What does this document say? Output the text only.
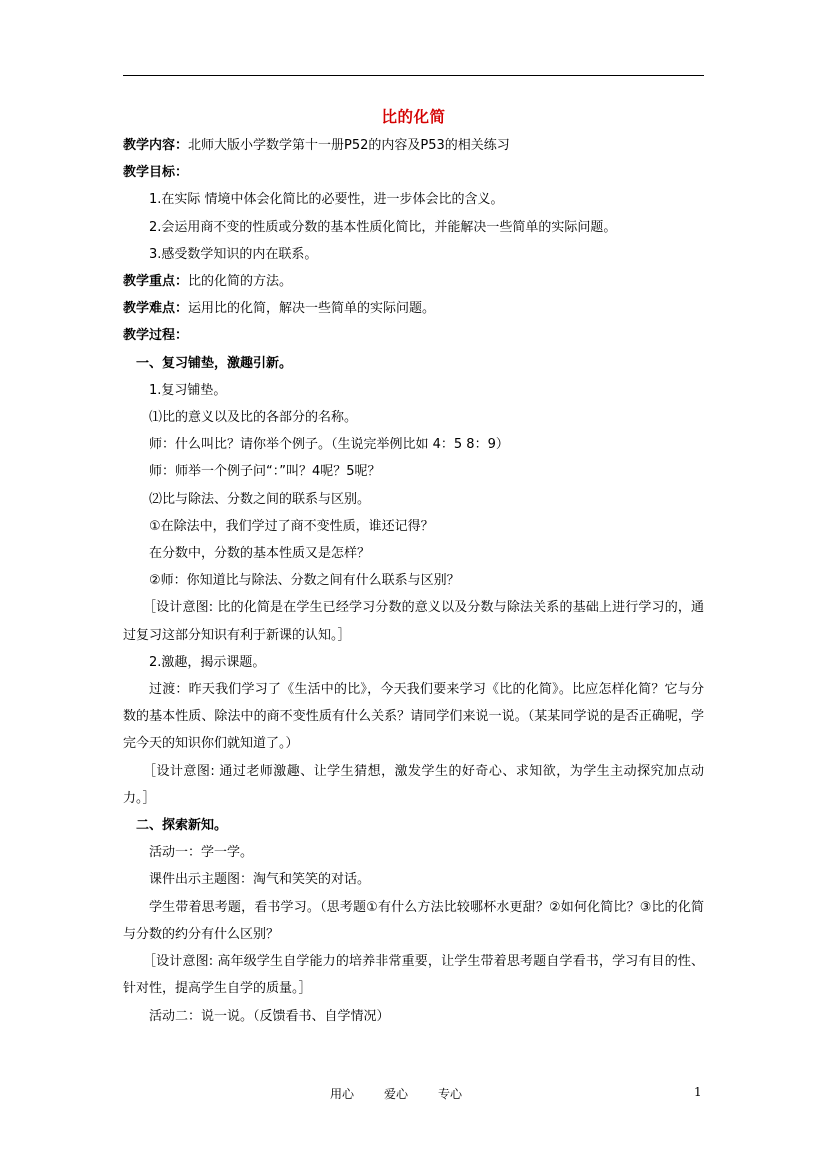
比的化简

教学内容：北师大版小学数学第十一册P52的内容及P53的相关练习

教学目标：

1.在实际 情境中体会化简比的必要性，进一步体会比的含义。

2.会运用商不变的性质或分数的基本性质化简比，并能解决一些简单的实际问题。

3.感受数学知识的内在联系。

教学重点：比的化简的方法。

教学难点：运用比的化简，解决一些简单的实际问题。

教学过程：

一、复习铺垫，激趣引新。

1.复习铺垫。

⑴比的意义以及比的各部分的名称。

师：什么叫比？请你举个例子。（生说完举例比如 4：5 8：9）

师：师举一个例子问“：”叫？4呢？5呢？

⑵比与除法、分数之间的联系与区别。

①在除法中，我们学过了商不变性质，谁还记得？

在分数中，分数的基本性质又是怎样？

②师：你知道比与除法、分数之间有什么联系与区别？

［设计意图: 比的化简是在学生已经学习分数的意义以及分数与除法关系的基础上进行学习的，通过复习这部分知识有利于新课的认知。］

2.激趣，揭示课题。

过渡：昨天我们学习了《生活中的比》，今天我们要来学习《比的化简》。比应怎样化简？它与分数的基本性质、除法中的商不变性质有什么关系？请同学们来说一说。（某某同学说的是否正确呢，学完今天的知识你们就知道了。）

［设计意图: 通过老师激趣、让学生猜想，激发学生的好奇心、求知欲，为学生主动探究加点动力。］

二、探索新知。

活动一：学一学。

课件出示主题图：淘气和笑笑的对话。

学生带着思考题，看书学习。（思考题①有什么方法比较哪杯水更甜？②如何化简比？③比的化简与分数的约分有什么区别？

［设计意图: 高年级学生自学能力的培养非常重要，让学生带着思考题自学看书，学习有目的性、针对性，提高学生自学的质量。］

活动二：说一说。（反馈看书、自学情况）

用心	爱心	专心	1
